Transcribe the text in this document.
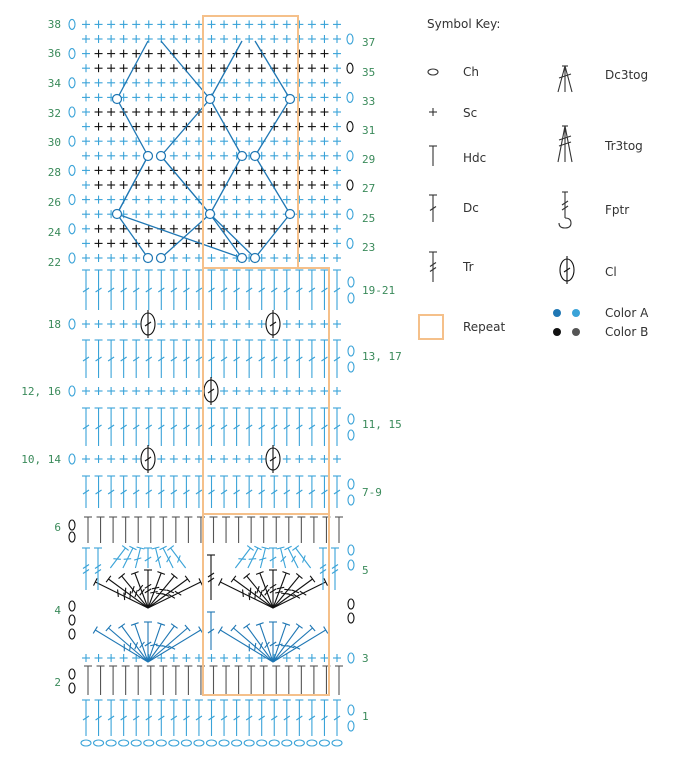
38
36
34
32
30
28
26
24
22
18
12, 16
10, 14
6
4
2
37
35
33
31
29
27
25
23
19-21
13, 17
11, 15
7-9
5
3
1
Symbol Key:
Ch
Sc
Hdc
Dc
Tr
Repeat
Dc3tog
Tr3tog
Fptr
Cl
Color A
Color B
